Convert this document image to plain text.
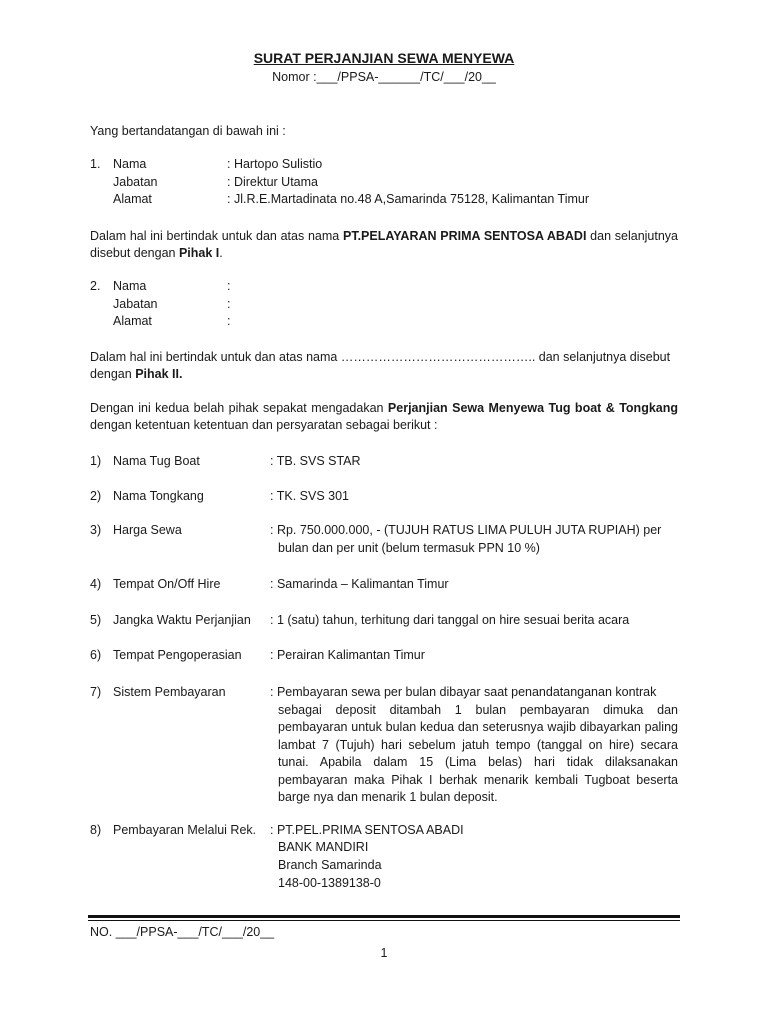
SURAT PERJANJIAN SEWA MENYEWA
Nomor :___/PPSA-______/TC/___/20__
Yang bertandatangan di bawah ini :
1. Nama	: Hartopo Sulistio
Jabatan	: Direktur Utama
Alamat	: Jl.R.E.Martadinata no.48 A,Samarinda 75128, Kalimantan Timur

Dalam hal ini bertindak untuk dan atas nama PT.PELAYARAN PRIMA SENTOSA ABADI dan selanjutnya disebut dengan Pihak I.

2. Nama	:
Jabatan	:
Alamat	:

Dalam hal ini bertindak untuk dan atas nama ……………………………………….. dan selanjutnya disebut dengan Pihak II.

Dengan ini kedua belah pihak sepakat mengadakan Perjanjian Sewa Menyewa Tug boat & Tongkang dengan ketentuan ketentuan dan persyaratan sebagai berikut :

1) Nama Tug Boat	: TB. SVS STAR
2) Nama Tongkang	: TK. SVS 301
3) Harga Sewa	: Rp. 750.000.000, - (TUJUH RATUS LIMA PULUH JUTA RUPIAH) per
bulan dan per unit (belum termasuk PPN 10 %)
4) Tempat On/Off Hire	: Samarinda – Kalimantan Timur
5) Jangka Waktu Perjanjian : 1 (satu) tahun, terhitung dari tanggal on hire sesuai berita acara
6) Tempat Pengoperasian : Perairan Kalimantan Timur
7) Sistem Pembayaran	: Pembayaran sewa per bulan dibayar saat penandatanganan kontrak

sebagai deposit ditambah 1 bulan pembayaran dimuka dan pembayaran untuk bulan kedua dan seterusnya wajib dibayarkan paling lambat 7 (Tujuh) hari sebelum jatuh tempo (tanggal on hire) secara tunai. Apabila dalam 15 (Lima belas) hari tidak dilaksanakan pembayaran maka Pihak I berhak menarik kembali Tugboat beserta barge nya dan menarik 1 bulan deposit.

8) Pembayaran Melalui Rek. : PT.PEL.PRIMA SENTOSA ABADI
BANK MANDIRI
Branch Samarinda
148-00-1389138-0
NO. ___/PPSA-___/TC/___/20__
1
